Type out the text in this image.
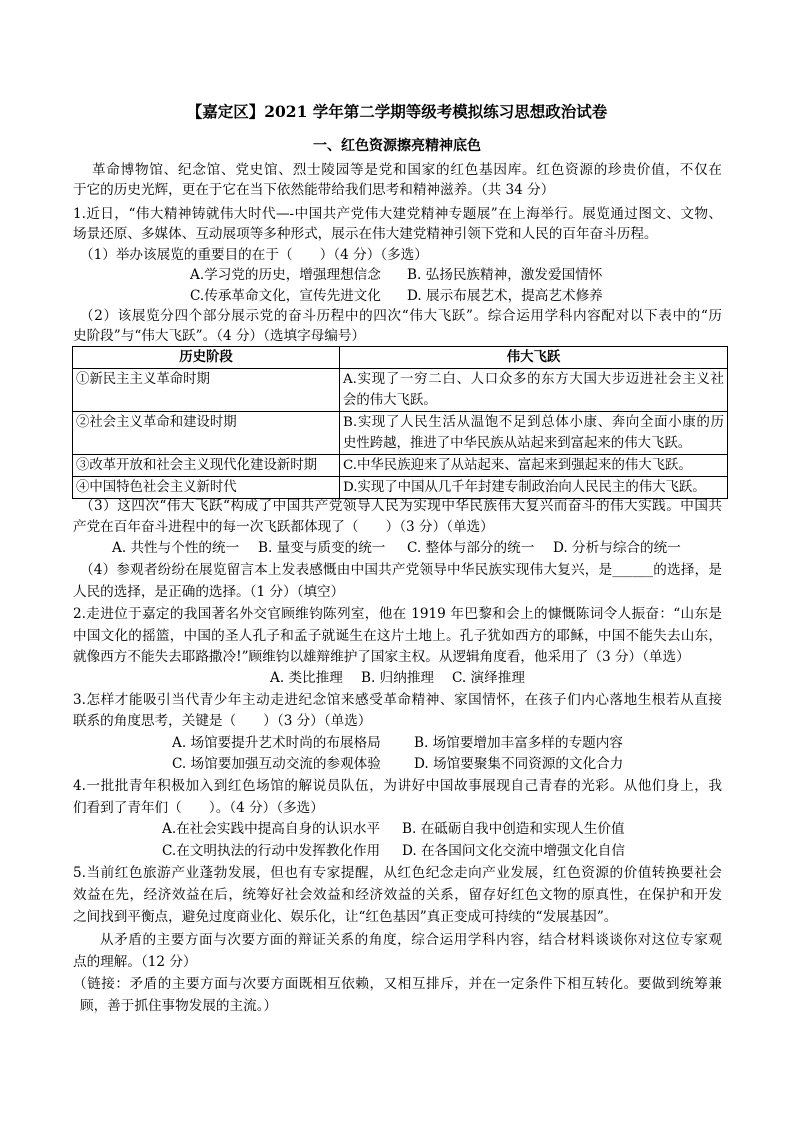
【嘉定区】2021 学年第二学期等级考模拟练习思想政治试卷
一、红色资源擦亮精神底色
革命博物馆、纪念馆、党史馆、烈士陵园等是党和国家的红色基因库。红色资源的珍贵价值，不仅在
于它的历史光辉，更在于它在当下依然能带给我们思考和精神滋养。（共 34 分）
1.近日，“伟大精神铸就伟大时代—-中国共产党伟大建党精神专题展”在上海举行。展览通过图文、文物、
场景还原、多媒体、互动展项等多种形式，展示在伟大建党精神引领下党和人民的百年奋斗历程。
（1）举办该展览的重要目的在于（　　）（4 分）（多选）
A.学习党的历史，增强理想信念 B. 弘扬民族精神，激发爱国情怀
C.传承革命文化，宣传先进文化 D. 展示布展艺术，提高艺术修养
（2）该展览分四个部分展示党的奋斗历程中的四次“伟大飞跃”。综合运用学科内容配对以下表中的“历
史阶段”与“伟大飞跃”。（4 分）（选填字母编号）
历史阶段	伟大飞跃

①新民主主义革命时期	A.实现了一穷二白、人口众多的东方大国大步迈进社会主义社
会的伟大飞跃。

②社会主义革命和建设时期	B.实现了人民生活从温饱不足到总体小康、奔向全面小康的历
史性跨越，推进了中华民族从站起来到富起来的伟大飞跃。

③改革开放和社会主义现代化建设新时期	C.中华民族迎来了从站起来、富起来到强起来的伟大飞跃。

④中国特色社会主义新时代	D.实现了中国从几千年封建专制政治向人民民主的伟大飞跃。
（3）这四次“伟大飞跃“构成了中国共产党领导人民为实现中华民族伟大复兴而奋斗的伟大实践。中国共
产党在百年奋斗进程中的每一次飞跃都体现了（　　）（3 分）（单选）
A. 共性与个性的统一 B. 量变与质变的统一 C. 整体与部分的统一 D. 分析与综合的统一
（4）参观者纷纷在展览留言本上发表感慨由中国共产党领导中华民族实现伟大复兴，是______的选择，是
人民的选择，是正确的选择。（1 分）（填空）
2.走进位于嘉定的我国著名外交官顾维钧陈列室，他在 1919 年巴黎和会上的慷慨陈词令人振奋：“山东是
中国文化的摇篮，中国的圣人孔子和孟子就诞生在这片土地上。孔子犹如西方的耶稣，中国不能失去山东，
就像西方不能失去耶路撒冷!”顾维钧以雄辩维护了国家主权。从逻辑角度看，他采用了（3 分）（单选）
A. 类比推理 B. 归纳推理 C. 演绎推理
3.怎样才能吸引当代青少年主动走进纪念馆来感受革命精神、家国情怀，在孩子们内心落地生根若从直接
联系的角度思考，关键是（　　）（3 分）（单选）
A. 场馆要提升艺术时尚的布展格局 B. 场馆要增加丰富多样的专题内容
C. 场馆要加强互动交流的参观体验 D. 场馆要聚集不同资源的文化合力
4.一批批青年积极加入到红色场馆的解说员队伍，为讲好中国故事展现自己青春的光彩。从他们身上，我
们看到了青年们（　　）。（4 分）（多选）
A.在社会实践中提高自身的认识水平 B. 在砥砺自我中创造和实现人生价值
C.在文明执法的行动中发挥教化作用 D. 在各国问文化交流中增强文化自信
5.当前红色旅游产业蓬勃发展，但也有专家提醒，从红色纪念走向产业发展，红色资源的价值转换要社会
效益在先，经济效益在后，统筹好社会效益和经济效益的关系，留存好红色文物的原真性，在保护和开发
之间找到平衡点，避免过度商业化、娱乐化，让“红色基因”真正变成可持续的“发展基因”。
从矛盾的主要方面与次要方面的辩证关系的角度，综合运用学科内容，结合材料谈谈你对这位专家观
点的理解。（12 分）
（链接：矛盾的主要方面与次要方面既相互依赖，又相互排斥，并在一定条件下相互转化。要做到统筹兼
顾，善于抓住事物发展的主流。）
